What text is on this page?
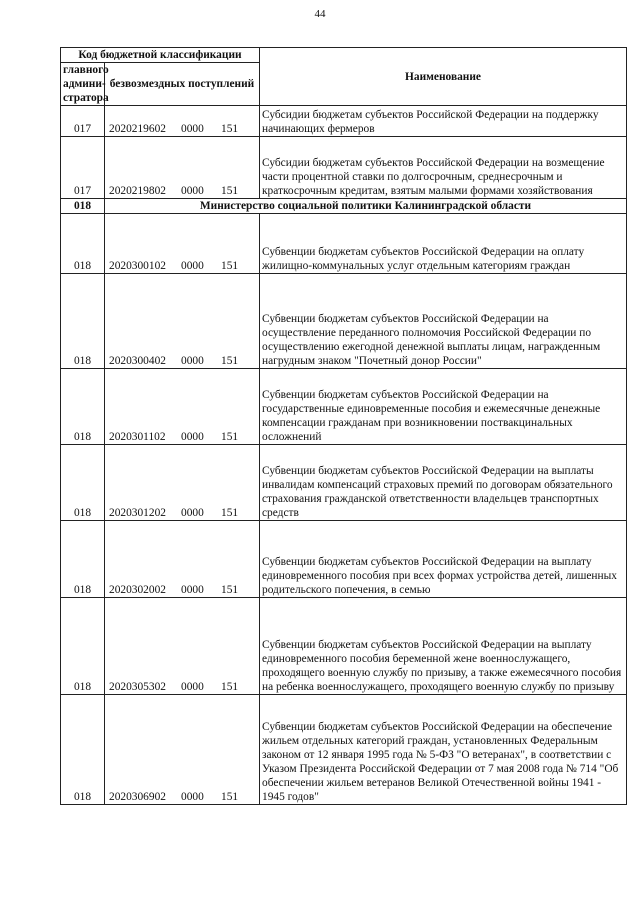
44
Код бюджетной классификации		Наименование
главного админи-стратора	безвозмездных поступлений	
017	2020219602 0000 151	Субсидии бюджетам субъектов Российской Федерации на поддержку начинающих фермеров
017	2020219802 0000 151	Субсидии бюджетам субъектов Российской Федерации на возмещение части процентной ставки по долгосрочным, среднесрочным и краткосрочным кредитам, взятым малыми формами хозяйствования
018	Министерство социальной политики Калининградской области	
018	2020300102 0000 151	Субвенции бюджетам субъектов Российской Федерации на оплату жилищно-коммунальных услуг отдельным категориям граждан
018	2020300402 0000 151	Субвенции бюджетам субъектов Российской Федерации на осуществление переданного полномочия Российской Федерации по осуществлению ежегодной денежной выплаты лицам, награжденным нагрудным знаком "Почетный донор России"
018	2020301102 0000 151	Субвенции бюджетам субъектов Российской Федерации на государственные единовременные пособия и ежемесячные денежные компенсации гражданам при возникновении поствакцинальных осложнений
018	2020301202 0000 151	Субвенции бюджетам субъектов Российской Федерации на выплаты инвалидам компенсаций страховых премий по договорам обязательного страхования гражданской ответственности владельцев транспортных средств
018	2020302002 0000 151	Субвенции бюджетам субъектов Российской Федерации на выплату единовременного пособия при всех формах устройства детей, лишенных родительского попечения, в семью
018	2020305302 0000 151	Субвенции бюджетам субъектов Российской Федерации на выплату единовременного пособия беременной жене военнослужащего, проходящего военную службу по призыву, а также ежемесячного пособия на ребенка военнослужащего, проходящего военную службу по призыву
018	2020306902 0000 151	Субвенции бюджетам субъектов Российской Федерации на обеспечение жильем отдельных категорий граждан, установленных Федеральным законом от 12 января 1995 года № 5-ФЗ "О ветеранах", в соответствии с Указом Президента Российской Федерации от 7 мая 2008 года № 714 "Об обеспечении жильем ветеранов Великой Отечественной войны 1941 - 1945 годов"
